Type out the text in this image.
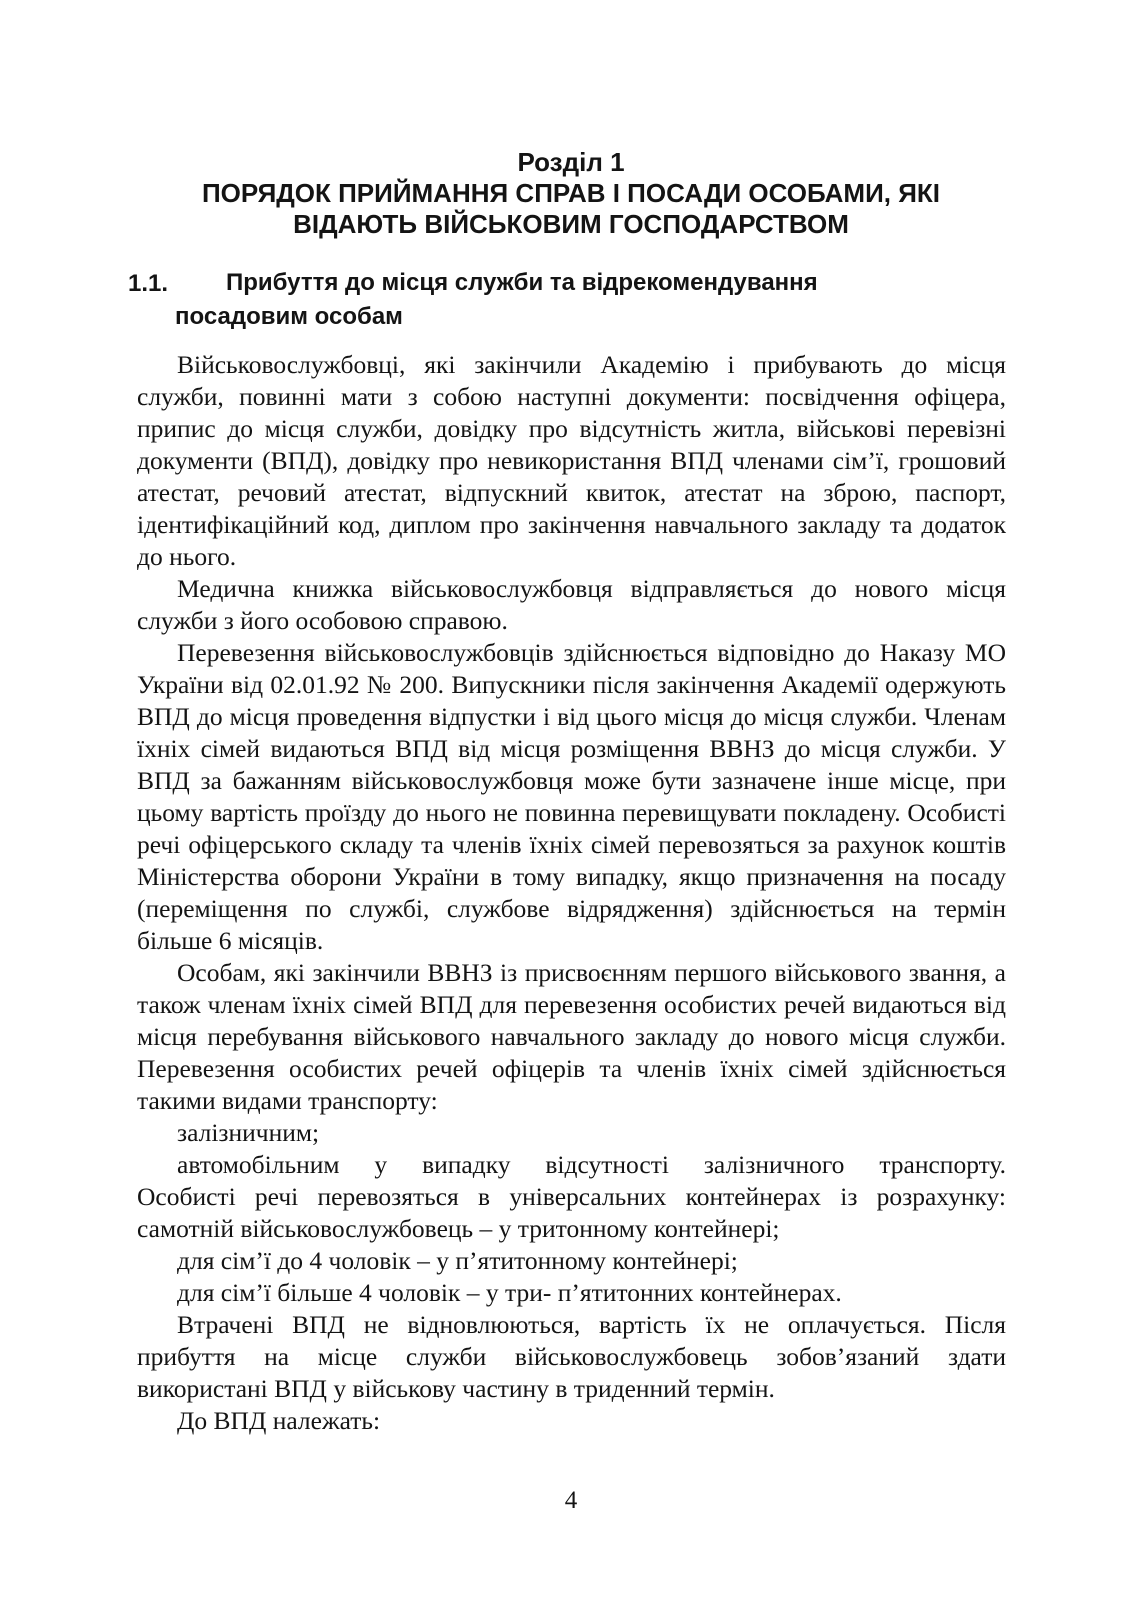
Розділ 1
ПОРЯДОК ПРИЙМАННЯ СПРАВ І ПОСАДИ ОСОБАМИ, ЯКІ
ВІДАЮТЬ ВІЙСЬКОВИМ ГОСПОДАРСТВОМ
1.1. Прибуття до місця служби та відрекомендування
посадовим особам

Військовослужбовці, які закінчили Академію і прибувають до місця служби, повинні мати з собою наступні документи: посвідчення офіцера, припис до місця служби, довідку про відсутність житла, військові перевізні документи (ВПД), довідку про невикористання ВПД членами сім’ї, грошовий атестат, речовий атестат, відпускний квиток, атестат на зброю, паспорт, ідентифікаційний код, диплом про закінчення навчального закладу та додаток до нього.

Медична книжка військовослужбовця відправляється до нового місця служби з його особовою справою.

Перевезення військовослужбовців здійснюється відповідно до Наказу МО України від 02.01.92 № 200. Випускники після закінчення Академії одержують ВПД до місця проведення відпустки і від цього місця до місця служби. Членам їхніх сімей видаються ВПД від місця розміщення ВВНЗ до місця служби. У ВПД за бажанням військовослужбовця може бути зазначене інше місце, при цьому вартість проїзду до нього не повинна перевищувати покладену. Особисті речі офіцерського складу та членів їхніх сімей перевозяться за рахунок коштів Міністерства оборони України в тому випадку, якщо призначення на посаду (переміщення по службі, службове відрядження) здійснюється на термін більше 6 місяців.

Особам, які закінчили ВВНЗ із присвоєнням першого військового звання, а також членам їхніх сімей ВПД для перевезення особистих речей видаються від місця перебування військового навчального закладу до нового місця служби. Перевезення особистих речей офіцерів та членів їхніх сімей здійснюється такими видами транспорту:

залізничним;

автомобільним у випадку відсутності залізничного транспорту.

Особисті речі перевозяться в універсальних контейнерах із розрахунку:

самотній військовослужбовець – у тритонному контейнері;

для сім’ї до 4 чоловік – у п’ятитонному контейнері;

для сім’ї більше 4 чоловік – у три- п’ятитонних контейнерах.

Втрачені ВПД не відновлюються, вартість їх не оплачується. Після прибуття на місце служби військовослужбовець зобов’язаний здати використані ВПД у військову частину в триденний термін.

До ВПД належать:

4
